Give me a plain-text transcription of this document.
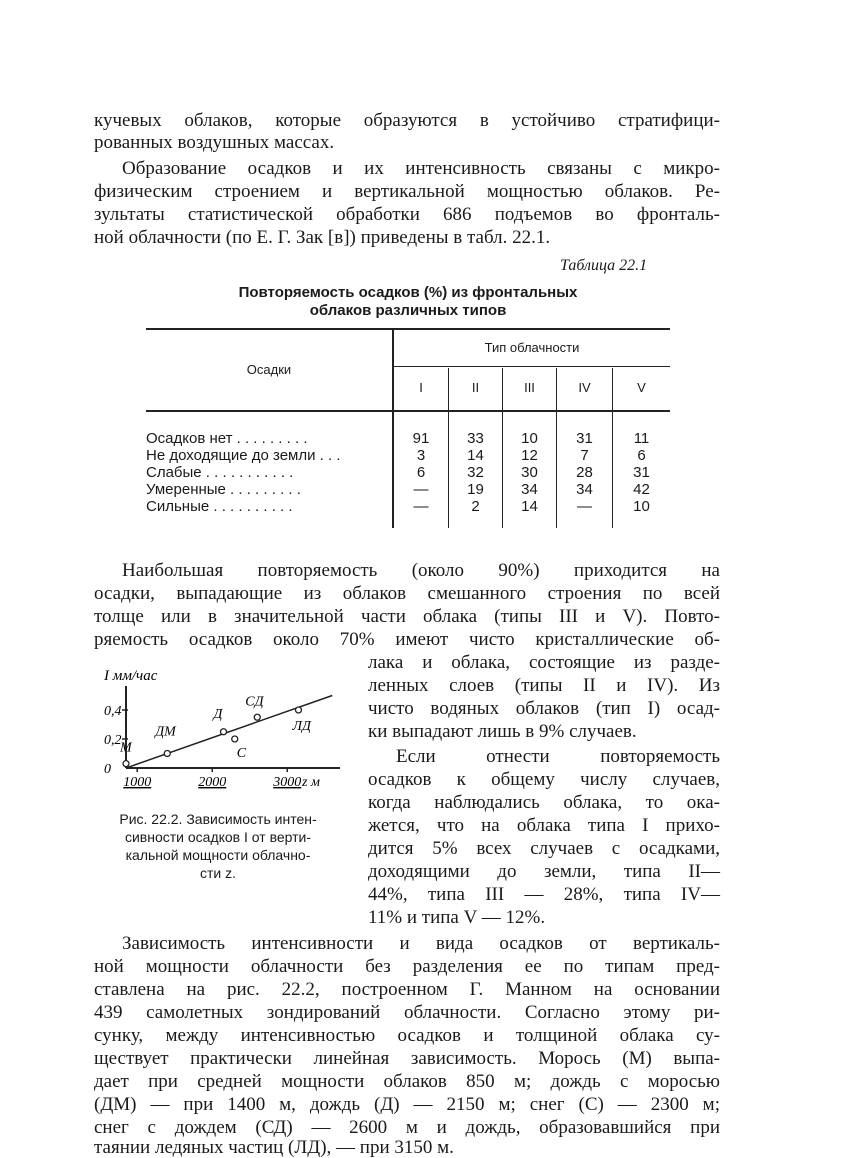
кучевых облаков, которые образуются в устойчиво стратифици-
рованных воздушных массах.
Образование осадков и их интенсивность связаны с микро-
физическим строением и вертикальной мощностью облаков. Ре-
зультаты статистической обработки 686 подъемов во фронталь-
ной облачности (по Е. Г. Зак [в]) приведены в табл. 22.1.
Таблица 22.1
Повторяемость осадков (%) из фронтальных
облаков различных типов
Осадки
Тип облачности
I	II	III	IV	V
Осадков нет . . . . . . . . .	91	33	10	31	11
Не доходящие до земли . . .	3	14	12	7	6
Слабые . . . . . . . . . . .	6	32	30	28	31
Умеренные . . . . . . . . .	—	19	34	34	42
Сильные . . . . . . . . . .	—	2	14	—	10
Наибольшая повторяемость (около 90%) приходится на
осадки, выпадающие из облаков смешанного строения по всей
толще или в значительной части облака (типы III и V). Повто-
ряемость осадков около 70% имеют чисто кристаллические об-
лака и облака, состоящие из разде-
ленных слоев (типы II и IV). Из
чисто водяных облаков (тип I) осад-
ки выпадают лишь в 9% случаев.
Если отнести повторяемость
осадков к общему числу случаев,
когда наблюдались облака, то ока-
жется, что на облака типа I прихо-
дится 5% всех случаев с осадками,
доходящими до земли, типа II—
44%, типа III — 28%, типа IV—
11% и типа V — 12%.
I мм/час
0,4
0,2
0
1000	2000	3000 z м
М
ДМ
Д
С
СД
ЛД
Рис. 22.2. Зависимость интен-
сивности осадков I от верти-
кальной мощности облачно-
сти z.
Зависимость интенсивности и вида осадков от вертикаль-
ной мощности облачности без разделения ее по типам пред-
ставлена на рис. 22.2, построенном Г. Манном на основании
439 самолетных зондирований облачности. Согласно этому ри-
сунку, между интенсивностью осадков и толщиной облака су-
ществует практически линейная зависимость. Морось (М) выпа-
дает при средней мощности облаков 850 м; дождь с моросью
(ДМ) — при 1400 м, дождь (Д) — 2150 м; снег (С) — 2300 м;
снег с дождем (СД) — 2600 м и дождь, образовавшийся при
таянии ледяных частиц (ЛД), — при 3150 м.
